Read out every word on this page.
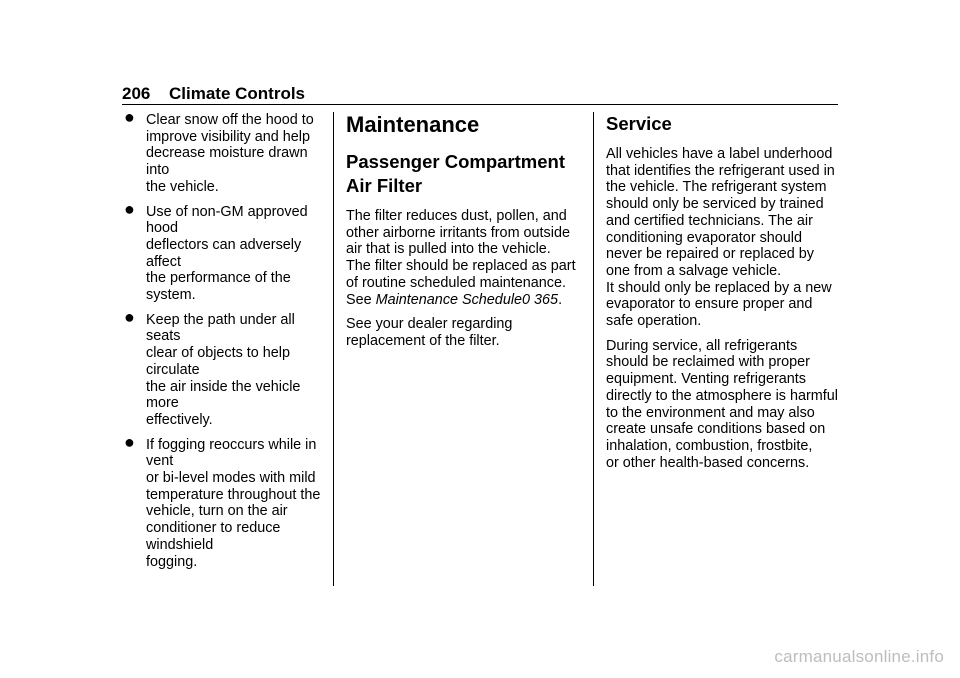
206 Climate Controls
● Clear snow off the hood to
improve visibility and help
decrease moisture drawn into
the vehicle.

● Use of non-GM approved hood
deflectors can adversely affect
the performance of the system.

● Keep the path under all seats
clear of objects to help circulate
the air inside the vehicle more
effectively.

● If fogging reoccurs while in vent
or bi-level modes with mild
temperature throughout the
vehicle, turn on the air
conditioner to reduce windshield
fogging.

Maintenance
Passenger Compartment Air Filter
The filter reduces dust, pollen, and
other airborne irritants from outside
air that is pulled into the vehicle.
The filter should be replaced as part
of routine scheduled maintenance.
See Maintenance Schedule0 365.
See your dealer regarding
replacement of the filter.
Service
All vehicles have a label underhood
that identifies the refrigerant used in
the vehicle. The refrigerant system
should only be serviced by trained
and certified technicians. The air
conditioning evaporator should
never be repaired or replaced by
one from a salvage vehicle.
It should only be replaced by a new
evaporator to ensure proper and
safe operation.
During service, all refrigerants
should be reclaimed with proper
equipment. Venting refrigerants
directly to the atmosphere is harmful
to the environment and may also
create unsafe conditions based on
inhalation, combustion, frostbite,
or other health-based concerns.
carmanualsonline.info
